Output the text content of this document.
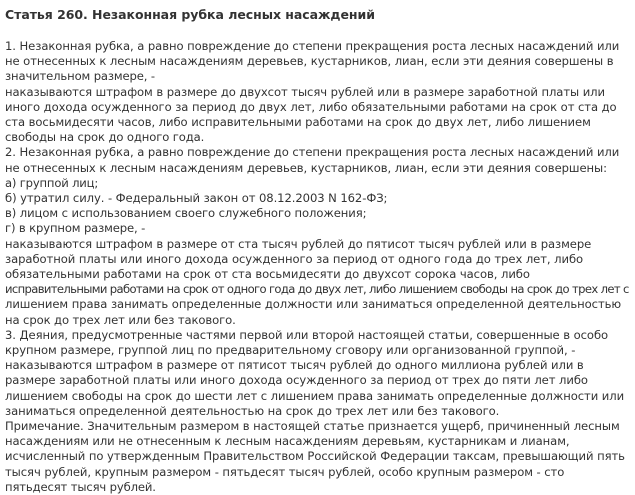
Статья 260. Незаконная рубка лесных насаждений
1. Незаконная рубка, а равно повреждение до степени прекращения роста лесных насаждений или
не отнесенных к лесным насаждениям деревьев, кустарников, лиан, если эти деяния совершены в
значительном размере, -
наказываются штрафом в размере до двухсот тысяч рублей или в размере заработной платы или
иного дохода осужденного за период до двух лет, либо обязательными работами на срок от ста до
ста восьмидесяти часов, либо исправительными работами на срок до двух лет, либо лишением
свободы на срок до одного года.
2. Незаконная рубка, а равно повреждение до степени прекращения роста лесных насаждений или
не отнесенных к лесным насаждениям деревьев, кустарников, лиан, если эти деяния совершены:
а) группой лиц;
б) утратил силу. - Федеральный закон от 08.12.2003 N 162-ФЗ;
в) лицом с использованием своего служебного положения;
г) в крупном размере, -
наказываются штрафом в размере от ста тысяч рублей до пятисот тысяч рублей или в размере
заработной платы или иного дохода осужденного за период от одного года до трех лет, либо
обязательными работами на срок от ста восьмидесяти до двухсот сорока часов, либо
исправительными работами на срок от одного года до двух лет, либо лишением свободы на срок до трех лет с
лишением права занимать определенные должности или заниматься определенной деятельностью
на срок до трех лет или без такового.
3. Деяния, предусмотренные частями первой или второй настоящей статьи, совершенные в особо
крупном размере, группой лиц по предварительному сговору или организованной группой, -
наказываются штрафом в размере от пятисот тысяч рублей до одного миллиона рублей или в
размере заработной платы или иного дохода осужденного за период от трех до пяти лет либо
лишением свободы на срок до шести лет с лишением права занимать определенные должности или
заниматься определенной деятельностью на срок до трех лет или без такового.
Примечание. Значительным размером в настоящей статье признается ущерб, причиненный лесным
насаждениям или не отнесенным к лесным насаждениям деревьям, кустарникам и лианам,
исчисленный по утвержденным Правительством Российской Федерации таксам, превышающий пять
тысяч рублей, крупным размером - пятьдесят тысяч рублей, особо крупным размером - сто
пятьдесят тысяч рублей.
